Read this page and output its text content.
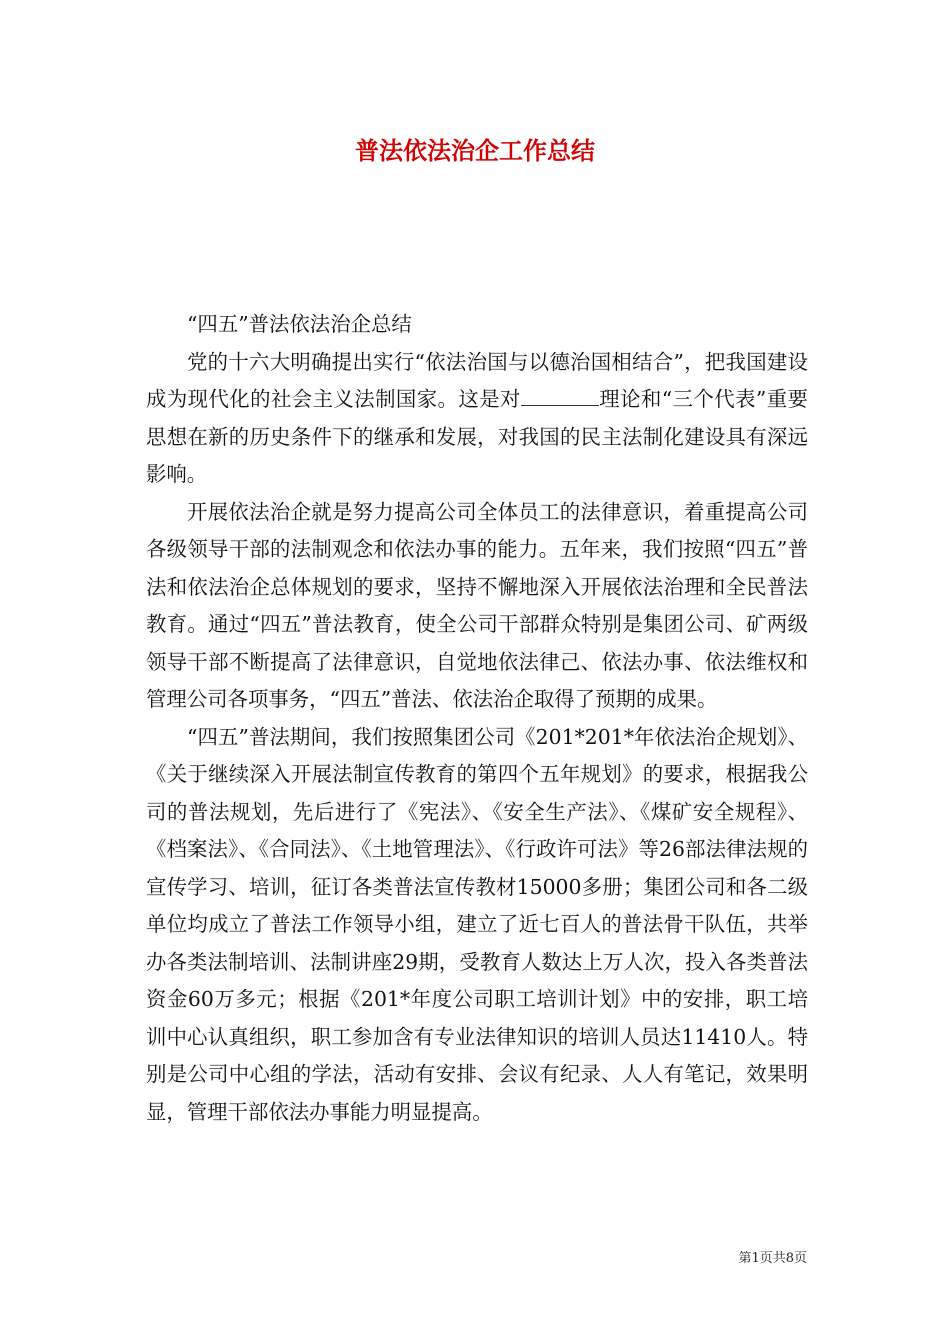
普法依法治企工作总结

“四五”普法依法治企总结

党的十六大明确提出实行“依法治国与以德治国相结合”，把我国建设成为现代化的社会主义法制国家。这是对	理论和“三个代表”重要思想在新的历史条件下的继承和发展，对我国的民主法制化建设具有深远影响。

开展依法治企就是努力提高公司全体员工的法律意识，着重提高公司各级领导干部的法制观念和依法办事的能力。五年来，我们按照“四五”普法和依法治企总体规划的要求，坚持不懈地深入开展依法治理和全民普法教育。通过“四五”普法教育，使全公司干部群众特别是集团公司、矿两级领导干部不断提高了法律意识，自觉地依法律己、依法办事、依法维权和管理公司各项事务，“四五”普法、依法治企取得了预期的成果。

“四五”普法期间，我们按照集团公司《201*201*年依法治企规划》、《关于继续深入开展法制宣传教育的第四个五年规划》的要求，根据我公司的普法规划，先后进行了《宪法》、《安全生产法》、《煤矿安全规程》、《档案法》、《合同法》、《土地管理法》、《行政许可法》等26部法律法规的宣传学习、培训，征订各类普法宣传教材15000多册；集团公司和各二级单位均成立了普法工作领导小组，建立了近七百人的普法骨干队伍，共举办各类法制培训、法制讲座29期，受教育人数达上万人次，投入各类普法资金60万多元；根据《201*年度公司职工培训计划》中的安排，职工培训中心认真组织，职工参加含有专业法律知识的培训人员达11410人。特别是公司中心组的学法，活动有安排、会议有纪录、人人有笔记，效果明显，管理干部依法办事能力明显提高。

第1页共8页
